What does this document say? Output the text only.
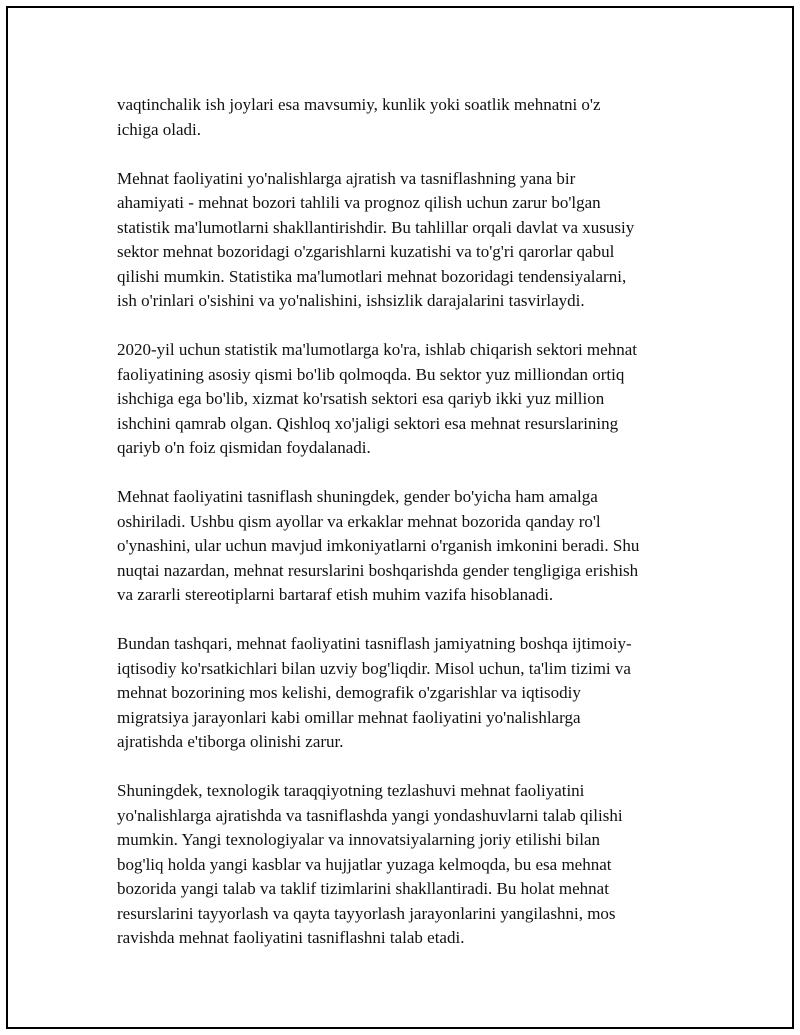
vaqtinchalik ish joylari esa mavsumiy, kunlik yoki soatlik mehnatni o'z
ichiga oladi.

Mehnat faoliyatini yo'nalishlarga ajratish va tasniflashning yana bir
ahamiyati - mehnat bozori tahlili va prognoz qilish uchun zarur bo'lgan
statistik ma'lumotlarni shakllantirishdir. Bu tahlillar orqali davlat va xususiy
sektor mehnat bozoridagi o'zgarishlarni kuzatishi va to'g'ri qarorlar qabul
qilishi mumkin. Statistika ma'lumotlari mehnat bozoridagi tendensiyalarni,
ish o'rinlari o'sishini va yo'nalishini, ishsizlik darajalarini tasvirlaydi.

2020-yil uchun statistik ma'lumotlarga ko'ra, ishlab chiqarish sektori mehnat
faoliyatining asosiy qismi bo'lib qolmoqda. Bu sektor yuz milliondan ortiq
ishchiga ega bo'lib, xizmat ko'rsatish sektori esa qariyb ikki yuz million
ishchini qamrab olgan. Qishloq xo'jaligi sektori esa mehnat resurslarining
qariyb o'n foiz qismidan foydalanadi.

Mehnat faoliyatini tasniflash shuningdek, gender bo'yicha ham amalga
oshiriladi. Ushbu qism ayollar va erkaklar mehnat bozorida qanday ro'l
o'ynashini, ular uchun mavjud imkoniyatlarni o'rganish imkonini beradi. Shu
nuqtai nazardan, mehnat resurslarini boshqarishda gender tengligiga erishish
va zararli stereotiplarni bartaraf etish muhim vazifa hisoblanadi.

Bundan tashqari, mehnat faoliyatini tasniflash jamiyatning boshqa ijtimoiy-
iqtisodiy ko'rsatkichlari bilan uzviy bog'liqdir. Misol uchun, ta'lim tizimi va
mehnat bozorining mos kelishi, demografik o'zgarishlar va iqtisodiy
migratsiya jarayonlari kabi omillar mehnat faoliyatini yo'nalishlarga
ajratishda e'tiborga olinishi zarur.

Shuningdek, texnologik taraqqiyotning tezlashuvi mehnat faoliyatini
yo'nalishlarga ajratishda va tasniflashda yangi yondashuvlarni talab qilishi
mumkin. Yangi texnologiyalar va innovatsiyalarning joriy etilishi bilan
bog'liq holda yangi kasblar va hujjatlar yuzaga kelmoqda, bu esa mehnat
bozorida yangi talab va taklif tizimlarini shakllantiradi. Bu holat mehnat
resurslarini tayyorlash va qayta tayyorlash jarayonlarini yangilashni, mos
ravishda mehnat faoliyatini tasniflashni talab etadi.
